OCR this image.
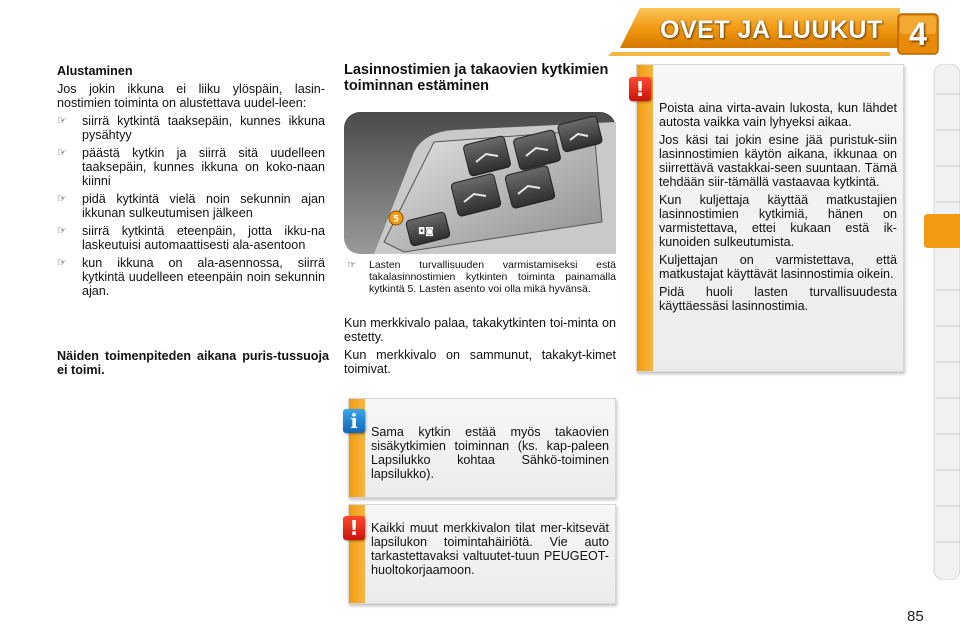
OVET JA LUUKUT 4

Alustaminen

Jos jokin ikkuna ei liiku ylöspäin, lasin-nostimien toiminta on alustettava uudel-leen:

☞ siirrä kytkintä taaksepäin, kunnes ikkuna pysähtyy
☞ päästä kytkin ja siirrä sitä uudelleen taaksepäin, kunnes ikkuna on koko-naan kiinni
☞ pidä kytkintä vielä noin sekunnin ajan ikkunan sulkeutumisen jälkeen
☞ siirrä kytkintä eteenpäin, jotta ikku-na laskeutuisi automaattisesti ala-asentoon
☞ kun ikkuna on ala-asennossa, siirrä kytkintä uudelleen eteenpäin noin sekunnin ajan.
Näiden toimenpiteden aikana puris-tussuoja ei toimi.

Lasinnostimien ja takaovien kytkimien toiminnan estäminen

◘◙
5
☞	Lasten turvallisuuden varmistamiseksi estä takalasinnostimien kytkinten toiminta painamalla kytkintä 5. Lasten asento voi olla mikä hyvänsä.

Kun merkkivalo palaa, takakytkinten toi-minta on estetty.

Kun merkkivalo on sammunut, takakyt-kimet toimivat.

Sama kytkin estää myös takaovien sisäkytkimien toiminnan (ks. kap-paleen Lapsilukko kohtaa Sähkö-toiminen lapsilukko).
i
Kaikki muut merkkivalon tilat mer-kitsevät lapsilukon toimintahäiriötä. Vie auto tarkastettavaksi valtuutet-tuun PEUGEOT-huoltokorjaamoon.
!

Poista aina virta-avain lukosta, kun lähdet autosta vaikka vain lyhyeksi aikaa.

Jos käsi tai jokin esine jää puristuk-siin lasinnostimien käytön aikana, ikkunaa on siirrettävä vastakkai-seen suuntaan. Tämä tehdään siir-tämällä vastaavaa kytkintä.

Kun kuljettaja käyttää matkustajien lasinnostimien kytkimiä, hänen on varmistettava, ettei kukaan estä ik-kunoiden sulkeutumista.

Kuljettajan on varmistettava, että matkustajat käyttävät lasinnostimia oikein.

Pidä huoli lasten turvallisuudesta käyttäessäsi lasinnostimia.

!
85
